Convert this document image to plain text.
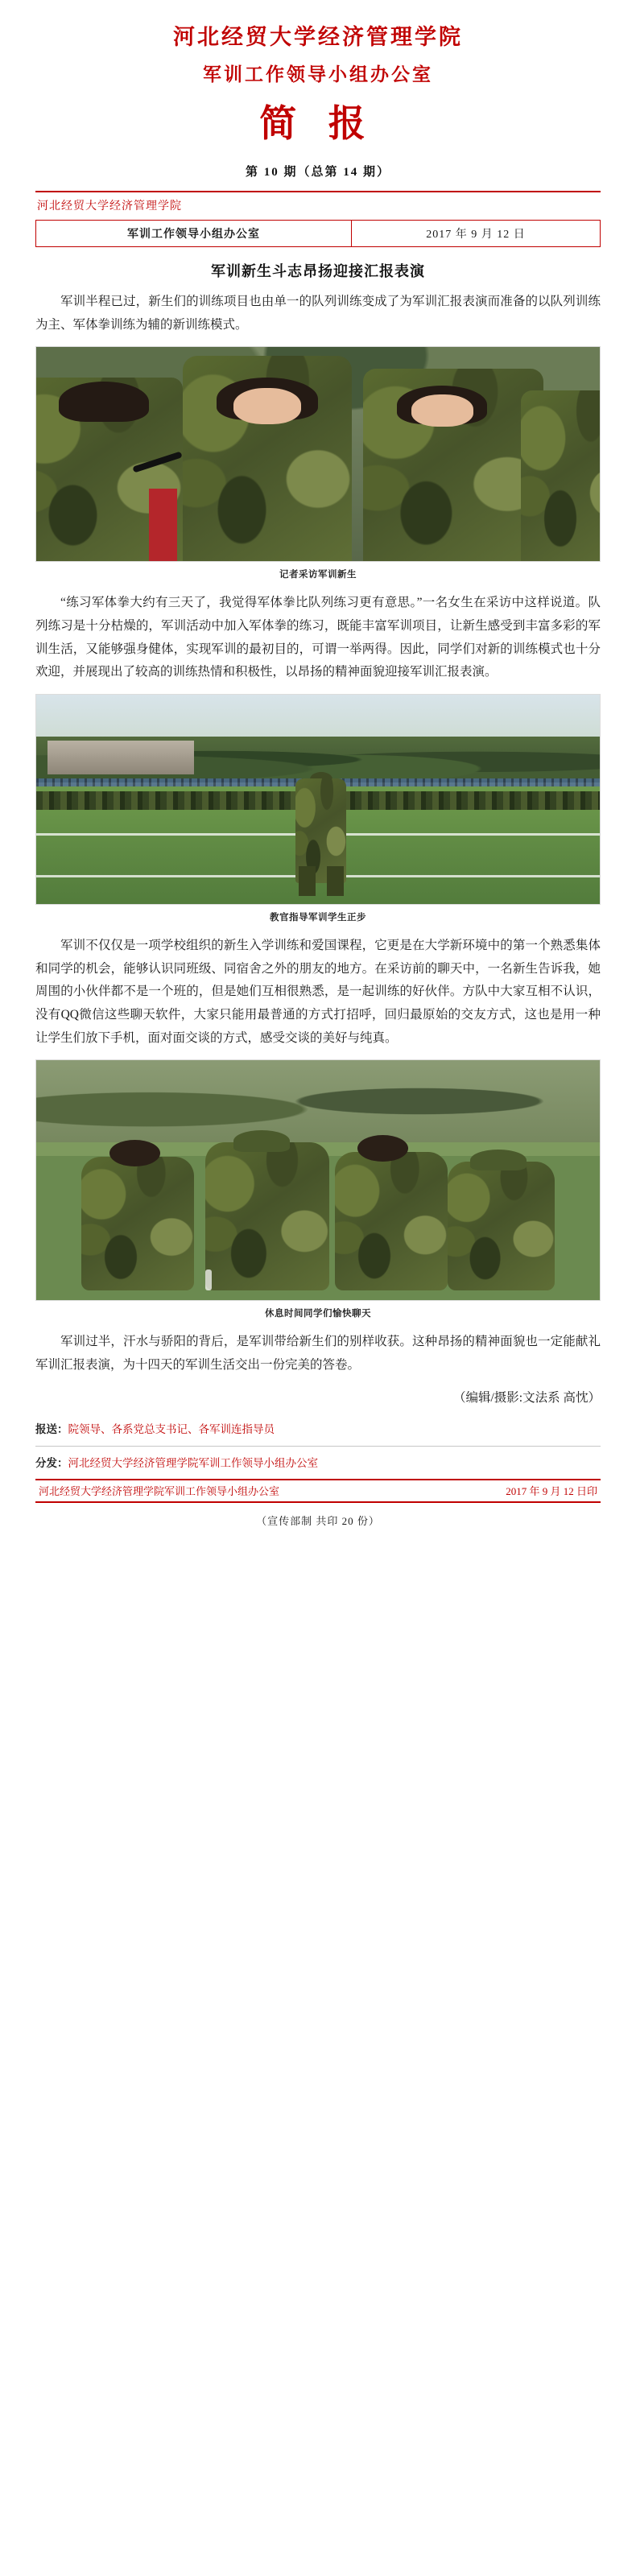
河北经贸大学经济管理学院
军训工作领导小组办公室
简 报
第 10 期（总第 14 期）
河北经贸大学经济管理学院
军训工作领导小组办公室	2017 年 9 月 12 日
军训新生斗志昂扬迎接汇报表演

军训半程已过，新生们的训练项目也由单一的队列训练变成了为军训汇报表演而准备的以队列训练为主、军体拳训练为辅的新训练模式。

记者采访军训新生

“练习军体拳大约有三天了，我觉得军体拳比队列练习更有意思。”一名女生在采访中这样说道。队列练习是十分枯燥的，军训活动中加入军体拳的练习，既能丰富军训项目，让新生感受到丰富多彩的军训生活，又能够强身健体，实现军训的最初目的，可谓一举两得。因此，同学们对新的训练模式也十分欢迎，并展现出了较高的训练热情和积极性，以昂扬的精神面貌迎接军训汇报表演。

教官指导军训学生正步

军训不仅仅是一项学校组织的新生入学训练和爱国课程，它更是在大学新环境中的第一个熟悉集体和同学的机会，能够认识同班级、同宿舍之外的朋友的地方。在采访前的聊天中，一名新生告诉我，她周围的小伙伴都不是一个班的，但是她们互相很熟悉，是一起训练的好伙伴。方队中大家互相不认识，没有QQ微信这些聊天软件，大家只能用最普通的方式打招呼，回归最原始的交友方式，这也是用一种让学生们放下手机，面对面交谈的方式，感受交谈的美好与纯真。

休息时间同学们愉快聊天

军训过半，汗水与骄阳的背后，是军训带给新生们的别样收获。这种昂扬的精神面貌也一定能献礼军训汇报表演，为十四天的军训生活交出一份完美的答卷。

（编辑/摄影:文法系 高忱）

报送：院领导、各系党总支书记、各军训连指导员
分发：河北经贸大学经济管理学院军训工作领导小组办公室
河北经贸大学经济管理学院军训工作领导小组办公室	2017 年 9 月 12 日印
（宣传部制 共印 20 份）
